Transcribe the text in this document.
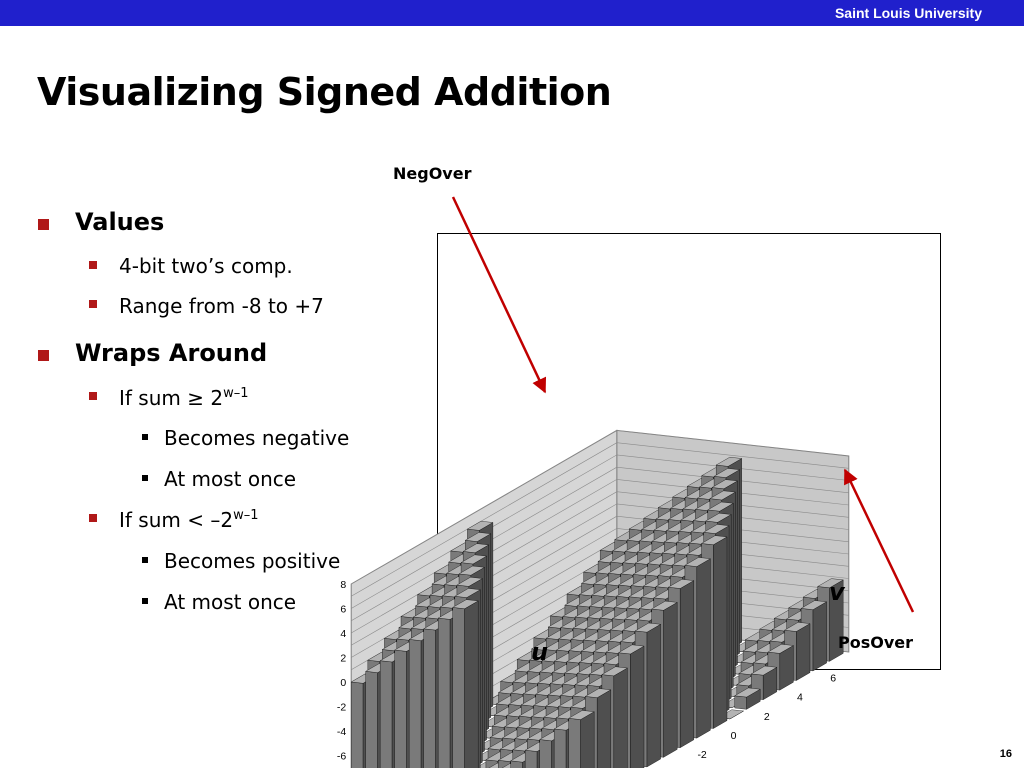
Saint Louis University
Visualizing Signed Addition
Values
4-bit two’s comp.
Range from -8 to +7
Wraps Around
If sum ≥ $2^{w-1}$
Becomes negative
At most once
If sum < $-2^{w-1}$
Becomes positive
At most once
8
6
4
2
0
-2
-4
-6	-2
0
2
4
6
NegOver
PosOver
u
v
16
